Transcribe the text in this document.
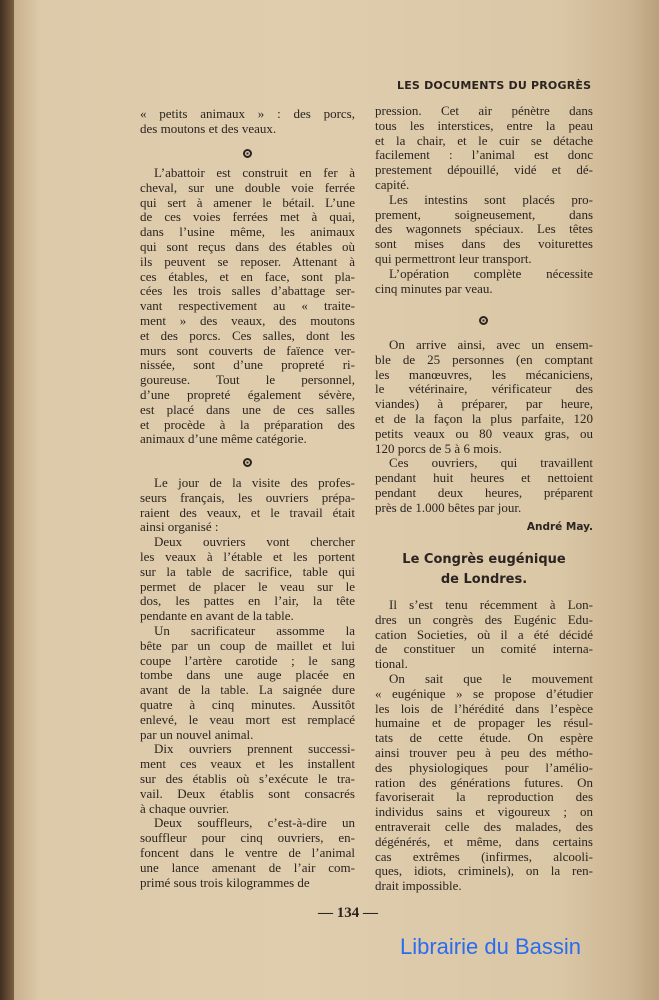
LES DOCUMENTS DU PROGRÈS
« petits animaux » : des porcs,
des moutons et des veaux.
L’abattoir est construit en fer à
cheval, sur une double voie ferrée
qui sert à amener le bétail. L’une
de ces voies ferrées met à quai,
dans l’usine même, les animaux
qui sont reçus dans des étables où
ils peuvent se reposer. Attenant à
ces étables, et en face, sont pla-
cées les trois salles d’abattage ser-
vant respectivement au « traite-
ment » des veaux, des moutons
et des porcs. Ces salles, dont les
murs sont couverts de faïence ver-
nissée, sont d’une propreté ri-
goureuse. Tout le personnel,
d’une propreté également sévère,
est placé dans une de ces salles
et procède à la préparation des
animaux d’une même catégorie.
Le jour de la visite des profes-
seurs français, les ouvriers prépa-
raient des veaux, et le travail était
ainsi organisé :
Deux ouvriers vont chercher
les veaux à l’étable et les portent
sur la table de sacrifice, table qui
permet de placer le veau sur le
dos, les pattes en l’air, la tête
pendante en avant de la table.
Un sacrificateur assomme la
bête par un coup de maillet et lui
coupe l’artère carotide ; le sang
tombe dans une auge placée en
avant de la table. La saignée dure
quatre à cinq minutes. Aussitôt
enlevé, le veau mort est remplacé
par un nouvel animal.
Dix ouvriers prennent successi-
ment ces veaux et les installent
sur des établis où s’exécute le tra-
vail. Deux établis sont consacrés
à chaque ouvrier.
Deux souffleurs, c’est-à-dire un
souffleur pour cinq ouvriers, en-
foncent dans le ventre de l’animal
une lance amenant de l’air com-
primé sous trois kilogrammes de
pression. Cet air pénètre dans
tous les interstices, entre la peau
et la chair, et le cuir se détache
facilement : l’animal est donc
prestement dépouillé, vidé et dé-
capité.
Les intestins sont placés pro-
prement, soigneusement, dans
des wagonnets spéciaux. Les têtes
sont mises dans des voiturettes
qui permettront leur transport.
L’opération complète nécessite
cinq minutes par veau.
On arrive ainsi, avec un ensem-
ble de 25 personnes (en comptant
les manœuvres, les mécaniciens,
le vétérinaire, vérificateur des
viandes) à préparer, par heure,
et de la façon la plus parfaite, 120
petits veaux ou 80 veaux gras, ou
120 porcs de 5 à 6 mois.
Ces ouvriers, qui travaillent
pendant huit heures et nettoient
pendant deux heures, préparent
près de 1.000 bêtes par jour.
André May.
Le Congrès eugénique
de Londres.
Il s’est tenu récemment à Lon-
dres un congrès des Eugénic Edu-
cation Societies, où il a été décidé
de constituer un comité interna-
tional.
On sait que le mouvement
« eugénique » se propose d’étudier
les lois de l’hérédité dans l’espèce
humaine et de propager les résul-
tats de cette étude. On espère
ainsi trouver peu à peu des métho-
des physiologiques pour l’amélio-
ration des générations futures. On
favoriserait la reproduction des
individus sains et vigoureux ; on
entraverait celle des malades, des
dégénérés, et même, dans certains
cas extrêmes (infirmes, alcooli-
ques, idiots, criminels), on la ren-
drait impossible.
— 134 —
Librairie du Bassin
